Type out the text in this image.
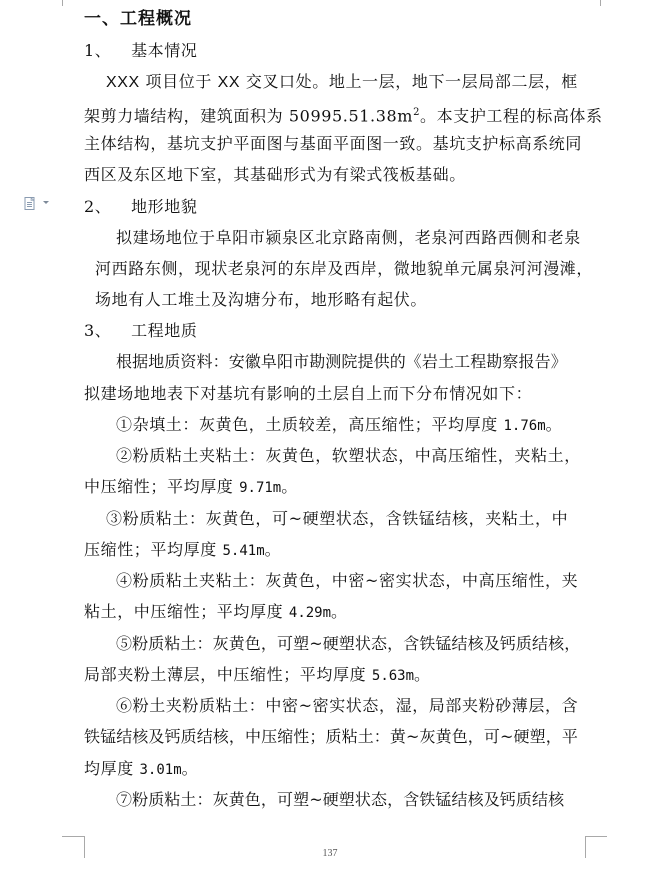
一、工程概况
1、 基本情况
XXX 项目位于 XX 交叉口处。地上一层，地下一层局部二层，框
架剪力墙结构，建筑面积为 $50995.51.38m^2$。本支护工程的标高体系
主体结构，基坑支护平面图与基面平面图一致。基坑支护标高系统同
西区及东区地下室，其基础形式为有梁式筏板基础。
2、 地形地貌
拟建场地位于阜阳市颍泉区北京路南侧，老泉河西路西侧和老泉
河西路东侧，现状老泉河的东岸及西岸，微地貌单元属泉河河漫滩，
场地有人工堆土及沟塘分布，地形略有起伏。
3、 工程地质
根据地质资料：安徽阜阳市勘测院提供的《岩土工程勘察报告》
拟建场地地表下对基坑有影响的土层自上而下分布情况如下：
①杂填土：灰黄色，土质较差，高压缩性；平均厚度 1.76m。
②粉质粘土夹粘土：灰黄色，软塑状态，中高压缩性，夹粘土，
中压缩性；平均厚度 9.71m。
③粉质粘土：灰黄色，可~硬塑状态，含铁锰结核，夹粘土，中
压缩性；平均厚度 5.41m。
④粉质粘土夹粘土：灰黄色，中密~密实状态，中高压缩性，夹
粘土，中压缩性；平均厚度 4.29m。
⑤粉质粘土：灰黄色，可塑~硬塑状态，含铁锰结核及钙质结核，
局部夹粉土薄层，中压缩性；平均厚度 5.63m。
⑥粉土夹粉质粘土：中密~密实状态，湿，局部夹粉砂薄层，含
铁锰结核及钙质结核，中压缩性；质粘土：黄~灰黄色，可~硬塑，平
均厚度 3.01m。
⑦粉质粘土：灰黄色，可塑~硬塑状态，含铁锰结核及钙质结核
137
